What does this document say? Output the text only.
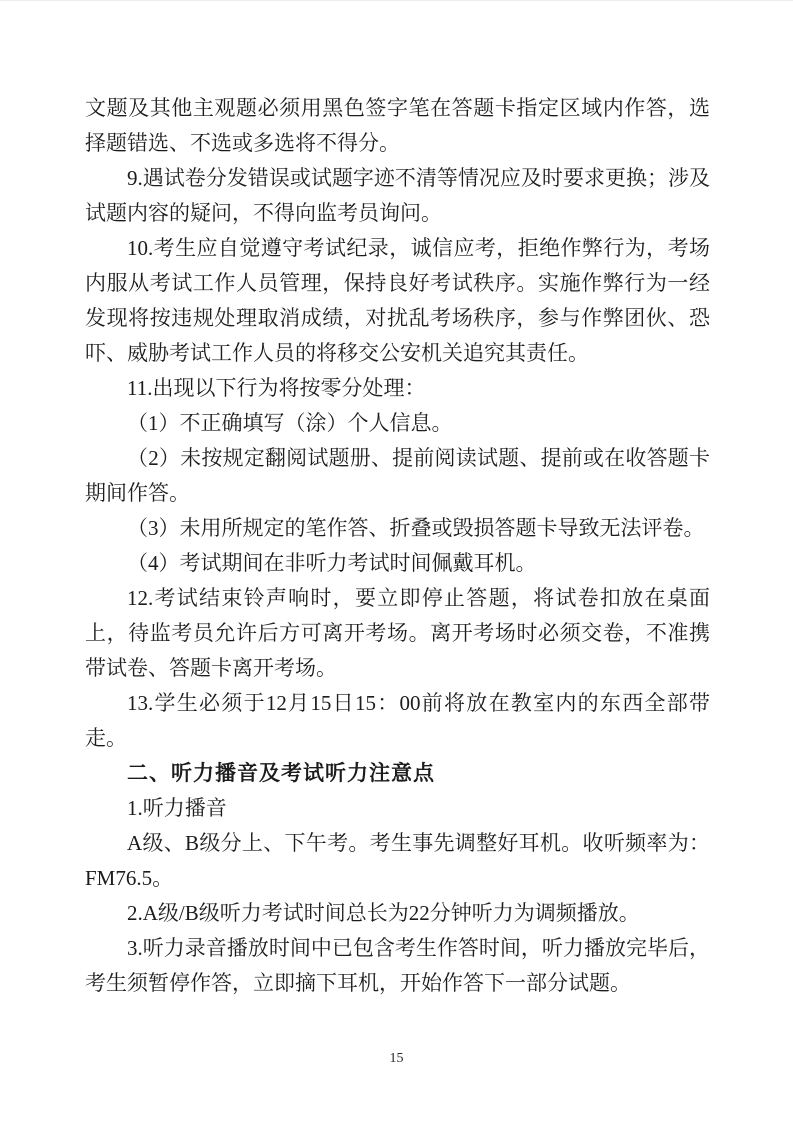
文题及其他主观题必须用黑色签字笔在答题卡指定区域内作答，选择题错选、不选或多选将不得分。

9.遇试卷分发错误或试题字迹不清等情况应及时要求更换；涉及试题内容的疑问，不得向监考员询问。

10.考生应自觉遵守考试纪录，诚信应考，拒绝作弊行为，考场内服从考试工作人员管理，保持良好考试秩序。实施作弊行为一经发现将按违规处理取消成绩，对扰乱考场秩序，参与作弊团伙、恐吓、威胁考试工作人员的将移交公安机关追究其责任。

11.出现以下行为将按零分处理：

（1）不正确填写（涂）个人信息。

（2）未按规定翻阅试题册、提前阅读试题、提前或在收答题卡期间作答。

（3）未用所规定的笔作答、折叠或毁损答题卡导致无法评卷。

（4）考试期间在非听力考试时间佩戴耳机。

12.考试结束铃声响时，要立即停止答题，将试卷扣放在桌面上，待监考员允许后方可离开考场。离开考场时必须交卷，不准携带试卷、答题卡离开考场。

13.学生必须于12月15日15：00前将放在教室内的东西全部带走。

二、听力播音及考试听力注意点

1.听力播音

A级、B级分上、下午考。考生事先调整好耳机。收听频率为：FM76.5。

2.A级/B级听力考试时间总长为22分钟听力为调频播放。

3.听力录音播放时间中已包含考生作答时间，听力播放完毕后，考生须暂停作答，立即摘下耳机，开始作答下一部分试题。

15
